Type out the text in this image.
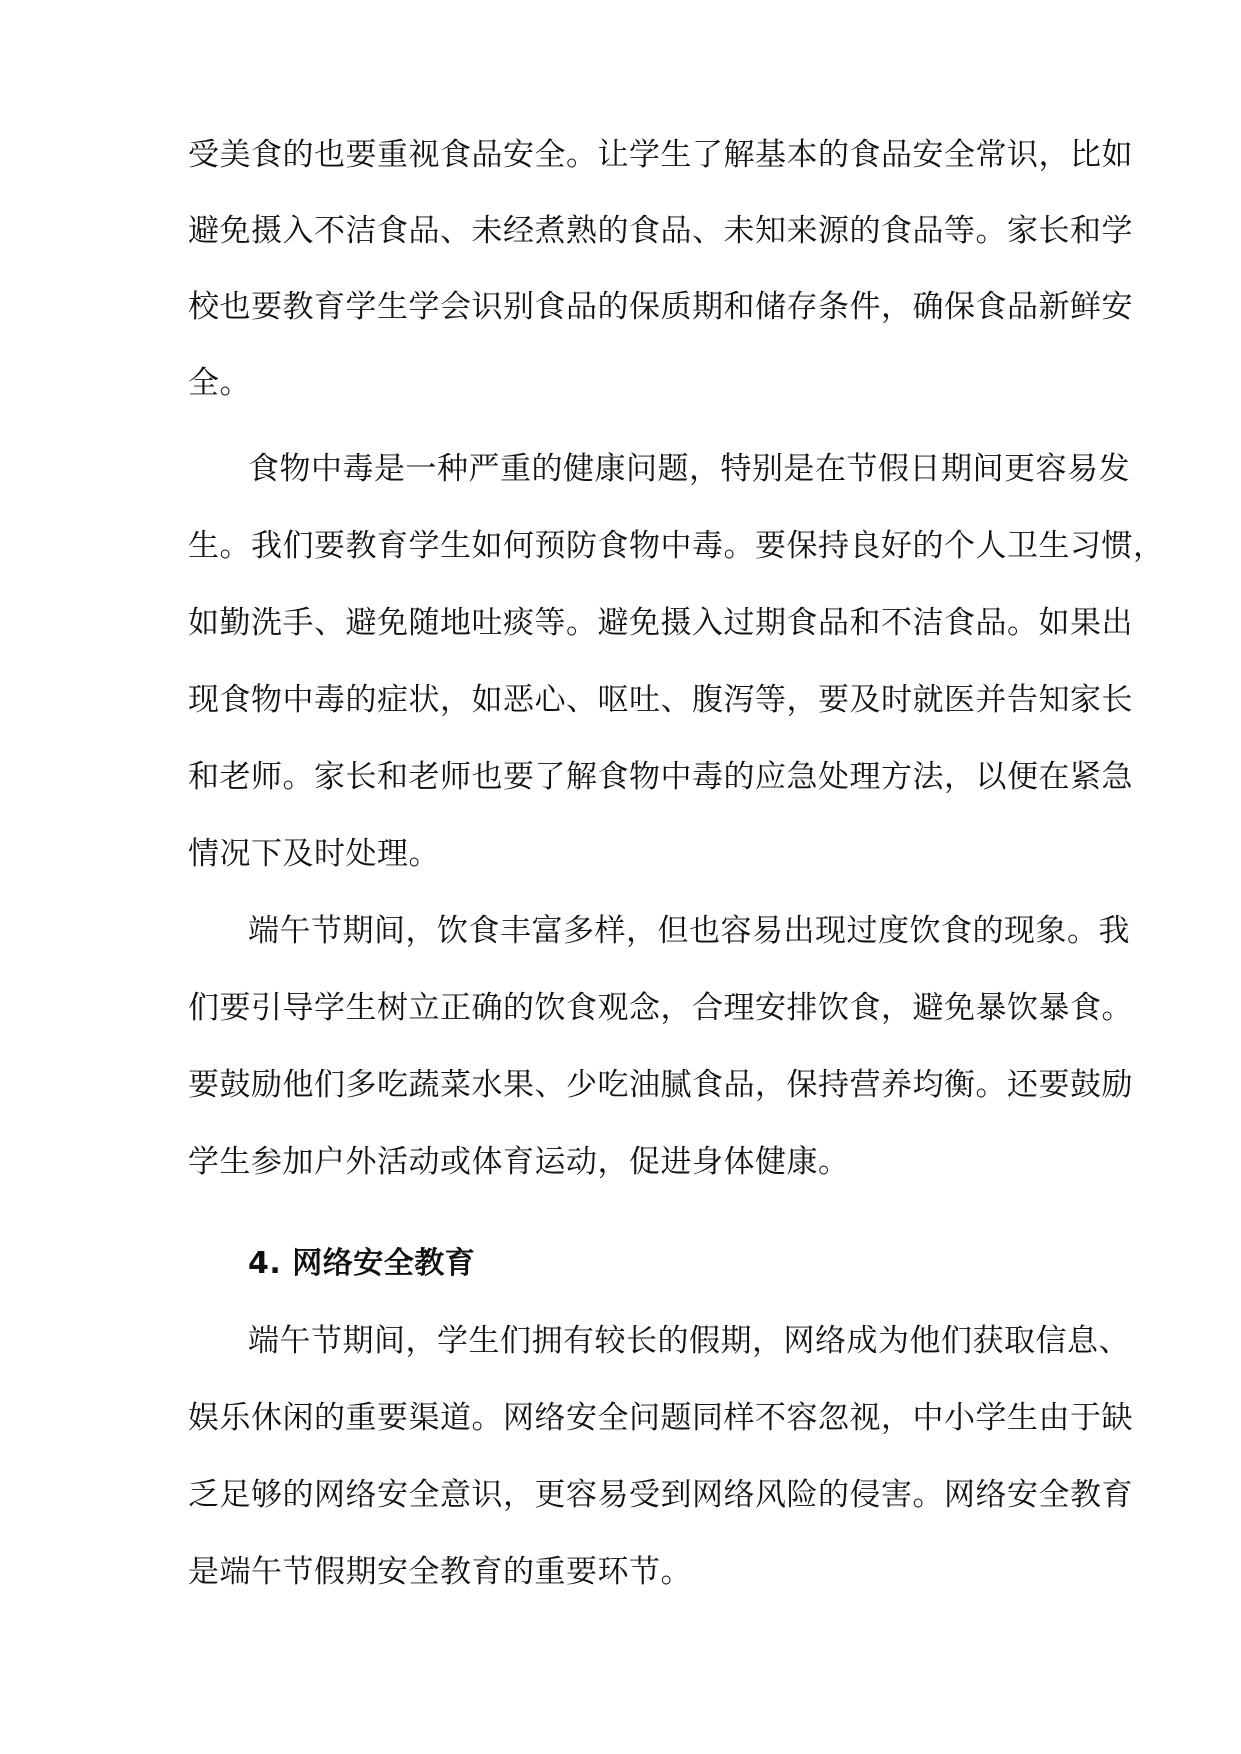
受美食的也要重视食品安全。让学生了解基本的食品安全常识，比如
避免摄入不洁食品、未经煮熟的食品、未知来源的食品等。家长和学
校也要教育学生学会识别食品的保质期和储存条件，确保食品新鲜安
全。
食物中毒是一种严重的健康问题，特别是在节假日期间更容易发
生。我们要教育学生如何预防食物中毒。要保持良好的个人卫生习惯，
如勤洗手、避免随地吐痰等。避免摄入过期食品和不洁食品。如果出
现食物中毒的症状，如恶心、呕吐、腹泻等，要及时就医并告知家长
和老师。家长和老师也要了解食物中毒的应急处理方法，以便在紧急
情况下及时处理。
端午节期间，饮食丰富多样，但也容易出现过度饮食的现象。我
们要引导学生树立正确的饮食观念，合理安排饮食，避免暴饮暴食。
要鼓励他们多吃蔬菜水果、少吃油腻食品，保持营养均衡。还要鼓励
学生参加户外活动或体育运动，促进身体健康。
4. 网络安全教育
端午节期间，学生们拥有较长的假期，网络成为他们获取信息、
娱乐休闲的重要渠道。网络安全问题同样不容忽视，中小学生由于缺
乏足够的网络安全意识，更容易受到网络风险的侵害。网络安全教育
是端午节假期安全教育的重要环节。
